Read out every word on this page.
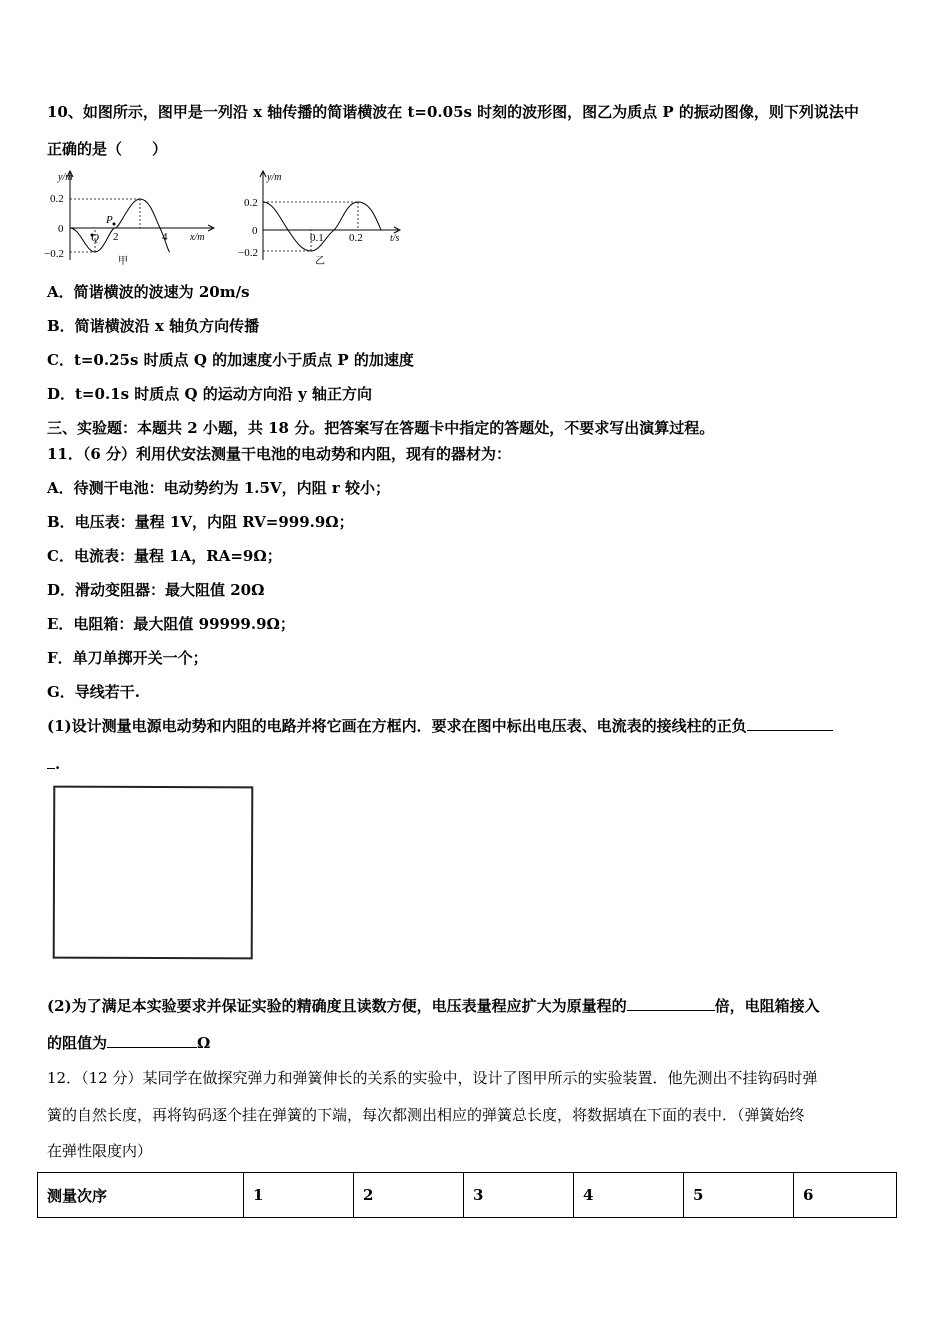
10、如图所示，图甲是一列沿 x 轴传播的简谐横波在 t=0.05s 时刻的波形图，图乙为质点 P 的振动图像，则下列说法中
正确的是（　　）
y/m
0.2
0
−0.2
Q
P
2	4 x/m
甲
y/m
0.2
0
−0.2
0.1 0.2	t/s
乙
A．简谐横波的波速为 20m/s
B．简谐横波沿 x 轴负方向传播
C．t=0.25s 时质点 Q 的加速度小于质点 P 的加速度
D．t=0.1s 时质点 Q 的运动方向沿 y 轴正方向
三、实验题：本题共 2 小题，共 18 分。把答案写在答题卡中指定的答题处，不要求写出演算过程。
11．（6 分）利用伏安法测量干电池的电动势和内阻，现有的器材为：
A．待测干电池：电动势约为 1.5V，内阻 r 较小；
B．电压表：量程 1V，内阻 RV=999.9Ω；
C．电流表：量程 1A，RA=9Ω；
D．滑动变阻器：最大阻值 20Ω
E．电阻箱：最大阻值 99999.9Ω；
F．单刀单掷开关一个；
G．导线若干.
(1)设计测量电源电动势和内阻的电路并将它画在方框内．要求在图中标出电压表、电流表的接线柱的正负
.
(2)为了满足本实验要求并保证实验的精确度且读数方便，电压表量程应扩大为原量程的	倍，电阻箱接入
的阻值为	Ω
12．（12 分）某同学在做探究弹力和弹簧伸长的关系的实验中，设计了图甲所示的实验装置．他先测出不挂钩码时弹
簧的自然长度，再将钩码逐个挂在弹簧的下端，每次都测出相应的弹簧总长度，将数据填在下面的表中．（弹簧始终
在弹性限度内）
测量次序	1	2	3	4	5	6
